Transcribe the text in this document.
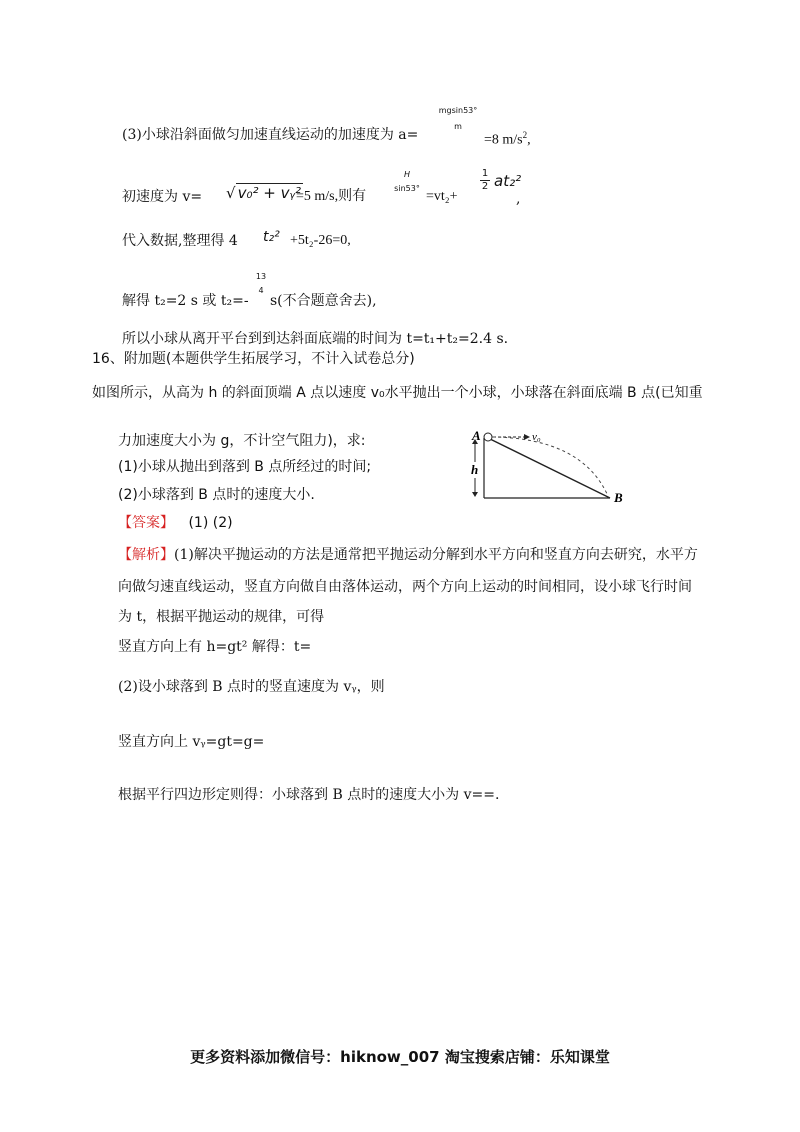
(3)小球沿斜面做匀加速直线运动的加速度为 a=
mgsin53°
m
=8 $m/s^2$,
初速度为 v= √ v₀² + vᵧ²
=5 m/s,则有
H
sin53°
=vt₂+
1
2 at₂²
,
代入数据,整理得 4 t₂² +5t₂-26=0,
解得 t₂=2 s 或 t₂=-
13
4
s(不合题意舍去),
所以小球从离开平台到到达斜面底端的时间为 t=t₁+t₂=2.4 s.
16、附加题(本题供学生拓展学习，不计入试卷总分)
如图所示，从高为 h 的斜面顶端 A 点以速度 v₀水平抛出一个小球，小球落在斜面底端 B 点(已知重
力加速度大小为 g，不计空气阻力)，求:
(1)小球从抛出到落到 B 点所经过的时间;
(2)小球落到 B 点时的速度大小.
A
B
h
v₀
【答案】 (1) (2)
【解析】(1)解决平抛运动的方法是通常把平抛运动分解到水平方向和竖直方向去研究，水平方
向做匀速直线运动，竖直方向做自由落体运动，两个方向上运动的时间相同，设小球飞行时间
为 t，根据平抛运动的规律，可得
竖直方向上有 h=gt² 解得：t=
(2)设小球落到 B 点时的竖直速度为 vᵧ，则
竖直方向上 vᵧ=gt=g=
根据平行四边形定则得：小球落到 B 点时的速度大小为 v==.
更多资料添加微信号：hiknow_007 淘宝搜索店铺：乐知课堂
